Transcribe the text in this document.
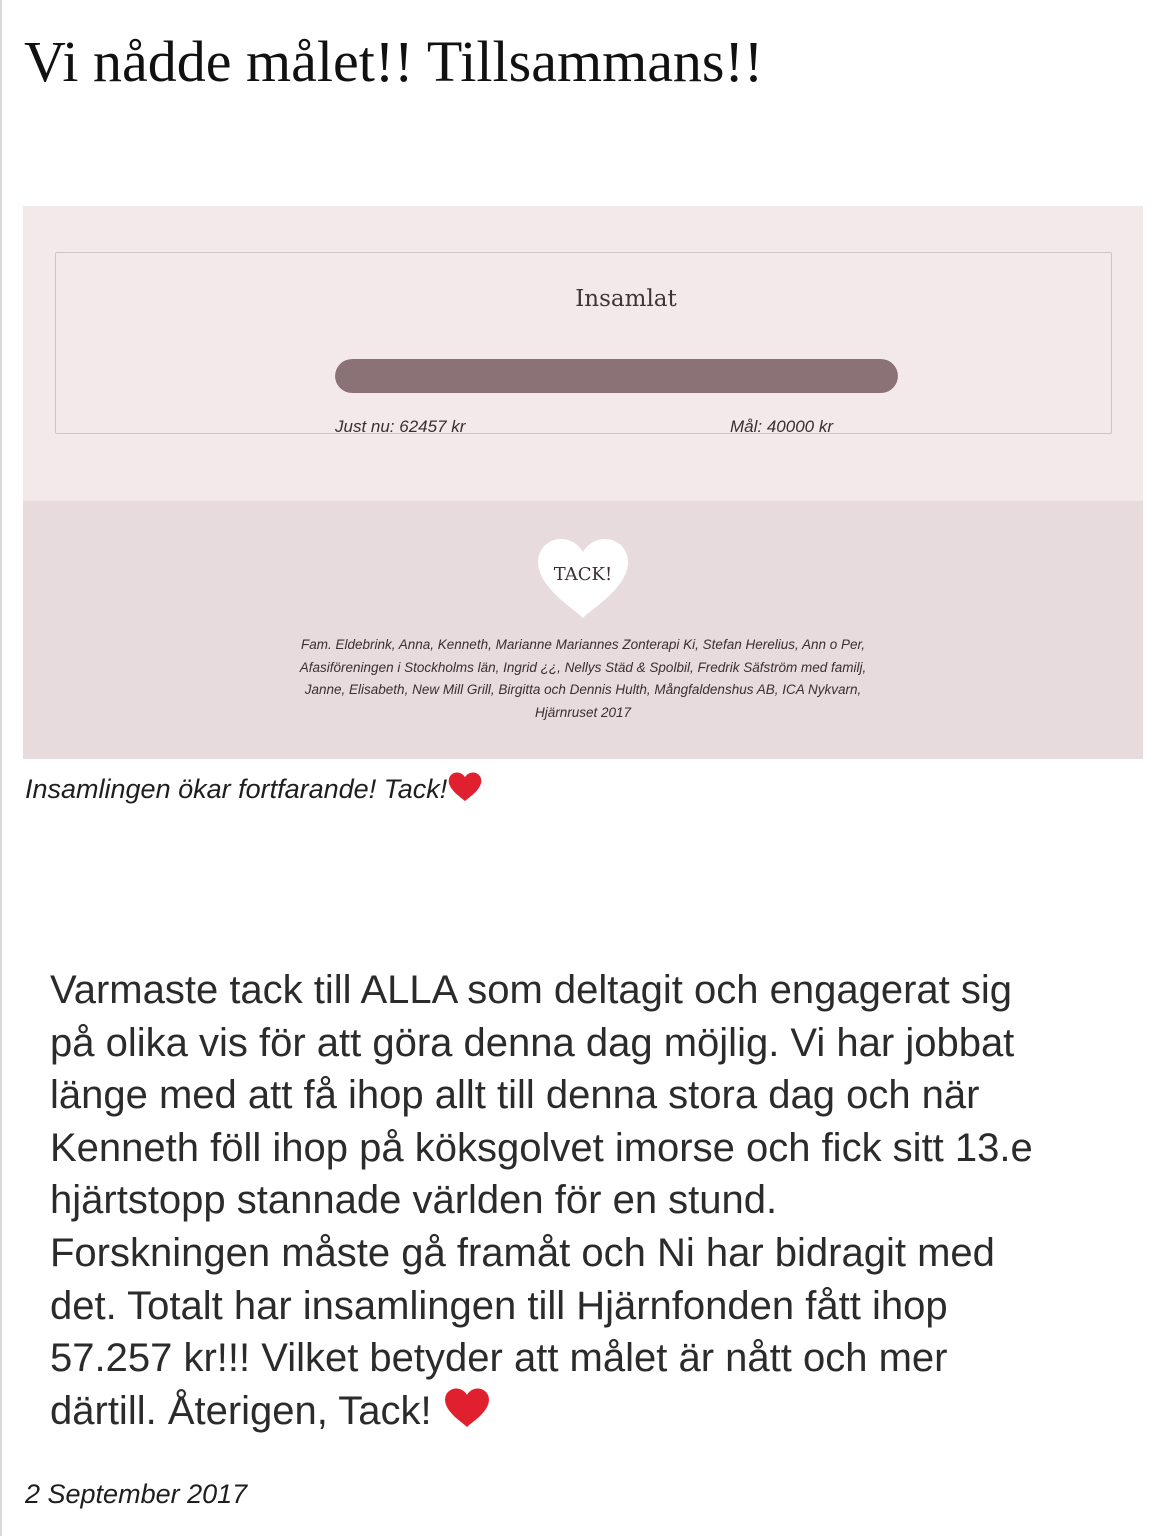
Vi nådde målet!! Tillsammans!!
Insamlat
Just nu: 62457 kr	Mål: 40000 kr
TACK!
Fam. Eldebrink, Anna, Kenneth, Marianne Mariannes Zonterapi Ki, Stefan Herelius, Ann o Per,
Afasiföreningen i Stockholms län, Ingrid ¿¿, Nellys Städ & Spolbil, Fredrik Säfström med familj,
Janne, Elisabeth, New Mill Grill, Birgitta och Dennis Hulth, Mångfaldenshus AB, ICA Nykvarn,
Hjärnruset 2017
Insamlingen ökar fortfarande! Tack!
Varmaste tack till ALLA som deltagit och engagerat sig
på olika vis för att göra denna dag möjlig. Vi har jobbat
länge med att få ihop allt till denna stora dag och när
Kenneth föll ihop på köksgolvet imorse och fick sitt 13.e
hjärtstopp stannade världen för en stund.
Forskningen måste gå framåt och Ni har bidragit med
det. Totalt har insamlingen till Hjärnfonden fått ihop
57.257 kr!!! Vilket betyder att målet är nått och mer
därtill. Återigen, Tack!
2 September 2017
